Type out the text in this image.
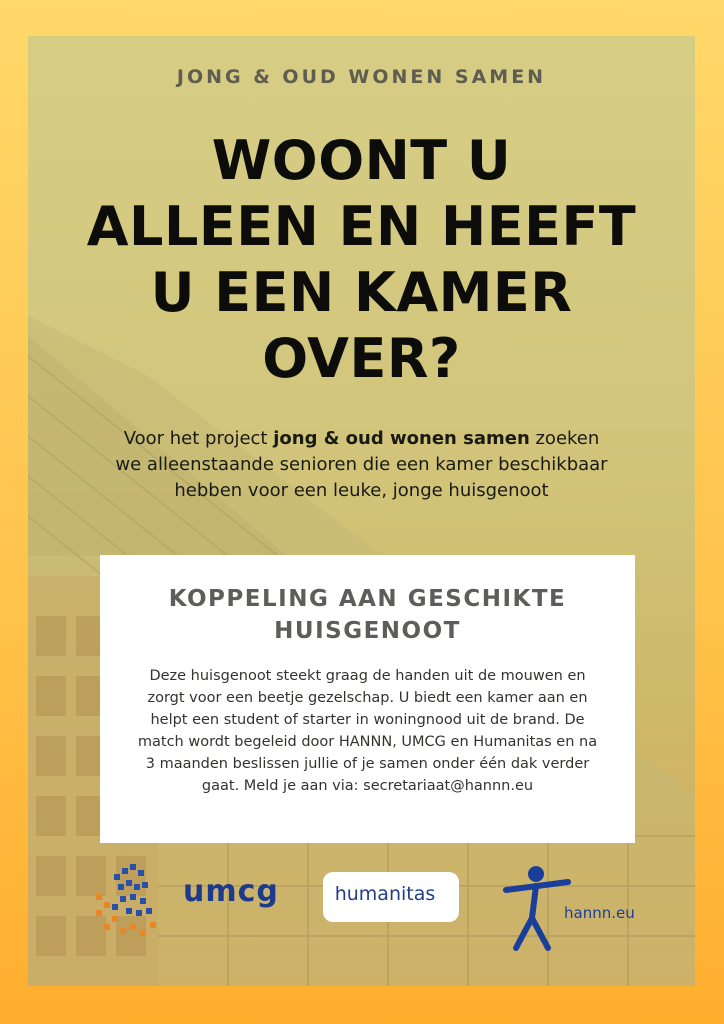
JONG & OUD WONEN SAMEN
WOONT U
ALLEEN EN HEEFT
U EEN KAMER
OVER?
Voor het project jong & oud wonen samen zoeken we alleenstaande senioren die een kamer beschikbaar hebben voor een leuke, jonge huisgenoot
KOPPELING AAN GESCHIKTE
HUISGENOOT
Deze huisgenoot steekt graag de handen uit de mouwen en zorgt voor een beetje gezelschap. U biedt een kamer aan en helpt een student of starter in woningnood uit de brand. De match wordt begeleid door HANNN, UMCG en Humanitas en na 3 maanden beslissen jullie of je samen onder één dak verder gaat. Meld je aan via: secretariaat@hannn.eu
umcg	humanitas
hannn.eu
